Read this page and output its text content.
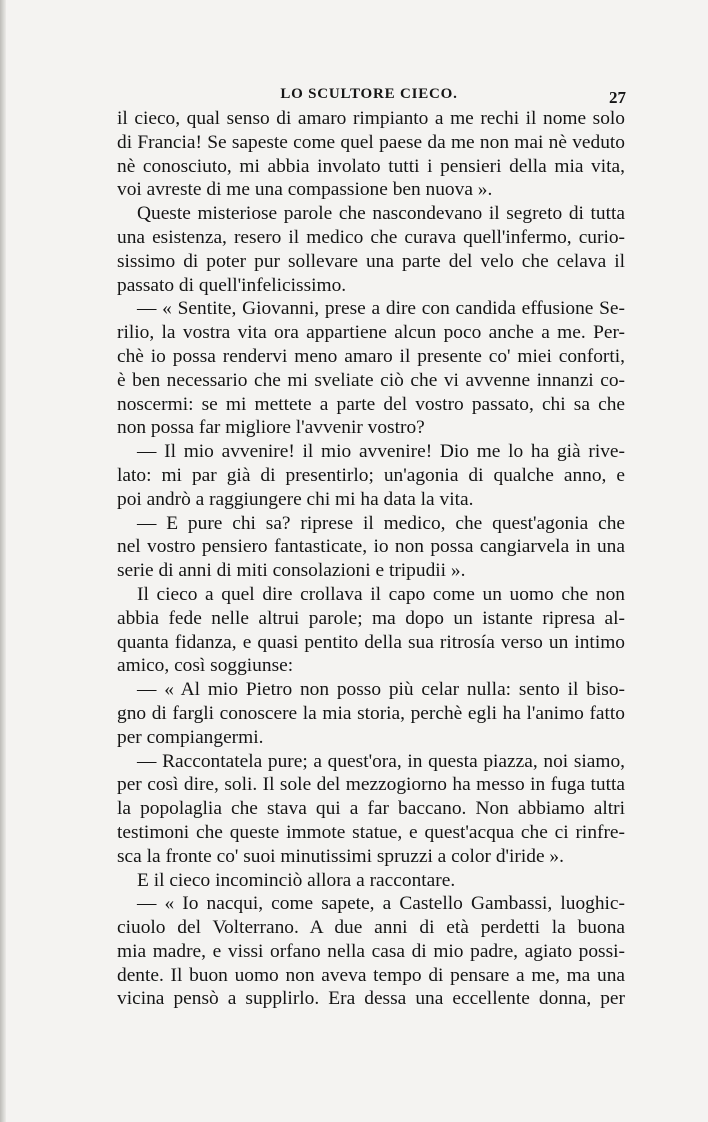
LO SCULTORE CIECO.	27
il cieco, qual senso di amaro rimpianto a me rechi il nome solo
di Francia! Se sapeste come quel paese da me non mai nè veduto
nè conosciuto, mi abbia involato tutti i pensieri della mia vita,
voi avreste di me una compassione ben nuova ».
Queste misteriose parole che nascondevano il segreto di tutta
una esistenza, resero il medico che curava quell'infermo, curio-
sissimo di poter pur sollevare una parte del velo che celava il
passato di quell'infelicissimo.
— « Sentite, Giovanni, prese a dire con candida effusione Se-
rilio, la vostra vita ora appartiene alcun poco anche a me. Per-
chè io possa rendervi meno amaro il presente co' miei conforti,
è ben necessario che mi sveliate ciò che vi avvenne innanzi co-
noscermi: se mi mettete a parte del vostro passato, chi sa che
non possa far migliore l'avvenir vostro?
— Il mio avvenire! il mio avvenire! Dio me lo ha già rive-
lato: mi par già di presentirlo; un'agonia di qualche anno, e
poi andrò a raggiungere chi mi ha data la vita.
— E pure chi sa? riprese il medico, che quest'agonia che
nel vostro pensiero fantasticate, io non possa cangiarvela in una
serie di anni di miti consolazioni e tripudii ».
Il cieco a quel dire crollava il capo come un uomo che non
abbia fede nelle altrui parole; ma dopo un istante ripresa al-
quanta fidanza, e quasi pentito della sua ritrosía verso un intimo
amico, così soggiunse:
— « Al mio Pietro non posso più celar nulla: sento il biso-
gno di fargli conoscere la mia storia, perchè egli ha l'animo fatto
per compiangermi.
— Raccontatela pure; a quest'ora, in questa piazza, noi siamo,
per così dire, soli. Il sole del mezzogiorno ha messo in fuga tutta
la popolaglia che stava qui a far baccano. Non abbiamo altri
testimoni che queste immote statue, e quest'acqua che ci rinfre-
sca la fronte co' suoi minutissimi spruzzi a color d'iride ».
E il cieco incominciò allora a raccontare.
— « Io nacqui, come sapete, a Castello Gambassi, luoghic-
ciuolo del Volterrano. A due anni di età perdetti la buona
mia madre, e vissi orfano nella casa di mio padre, agiato possi-
dente. Il buon uomo non aveva tempo di pensare a me, ma una
vicina pensò a supplirlo. Era dessa una eccellente donna, per
